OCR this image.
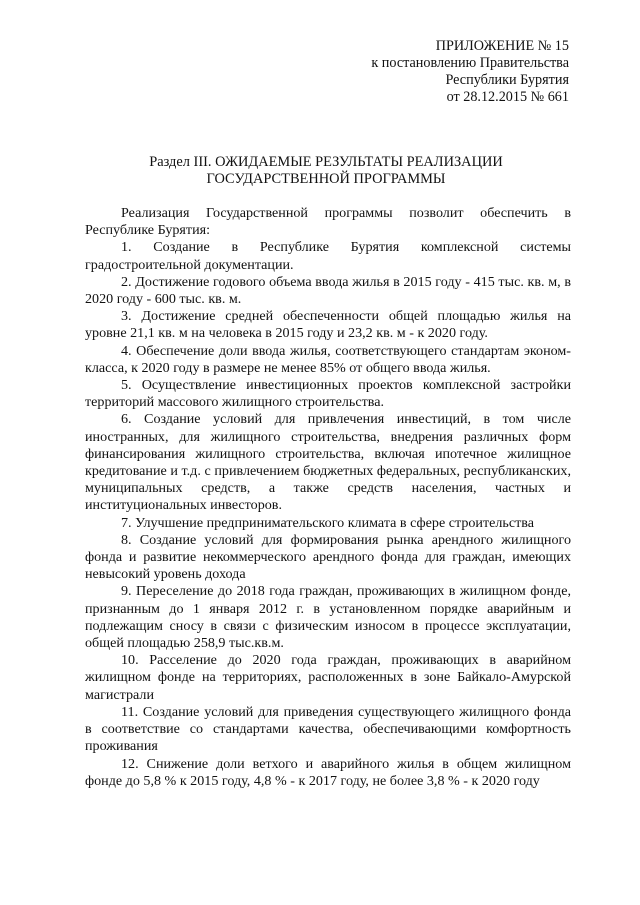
ПРИЛОЖЕНИЕ № 15
к постановлению Правительства
Республики Бурятия
от 28.12.2015 № 661
Раздел III. ОЖИДАЕМЫЕ РЕЗУЛЬТАТЫ РЕАЛИЗАЦИИ
ГОСУДАРСТВЕННОЙ ПРОГРАММЫ

Реализация Государственной программы позволит обеспечить в Республике Бурятия:

1. Создание в Республике Бурятия комплексной системы градостроительной документации.

2. Достижение годового объема ввода жилья в 2015 году - 415 тыс. кв. м, в 2020 году - 600 тыс. кв. м.

3. Достижение средней обеспеченности общей площадью жилья на уровне 21,1 кв. м на человека в 2015 году и 23,2 кв. м - к 2020 году.

4. Обеспечение доли ввода жилья, соответствующего стандартам эконом-класса, к 2020 году в размере не менее 85% от общего ввода жилья.

5. Осуществление инвестиционных проектов комплексной застройки территорий массового жилищного строительства.

6. Создание условий для привлечения инвестиций, в том числе иностранных, для жилищного строительства, внедрения различных форм финансирования жилищного строительства, включая ипотечное жилищное кредитование и т.д. с привлечением бюджетных федеральных, республиканских, муниципальных средств, а также средств населения, частных и институциональных инвесторов.

7. Улучшение предпринимательского климата в сфере строительства

8. Создание условий для формирования рынка арендного жилищного фонда и развитие некоммерческого арендного фонда для граждан, имеющих невысокий уровень дохода

9. Переселение до 2018 года граждан, проживающих в жилищном фонде, признанным до 1 января 2012 г. в установленном порядке аварийным и подлежащим сносу в связи с физическим износом в процессе эксплуатации, общей площадью 258,9 тыс.кв.м.

10. Расселение до 2020 года граждан, проживающих в аварийном жилищном фонде на территориях, расположенных в зоне Байкало-Амурской магистрали

11. Создание условий для приведения существующего жилищного фонда в соответствие со стандартами качества, обеспечивающими комфортность проживания

12. Снижение доли ветхого и аварийного жилья в общем жилищном фонде до 5,8 % к 2015 году, 4,8 % - к 2017 году, не более 3,8 % - к 2020 году
